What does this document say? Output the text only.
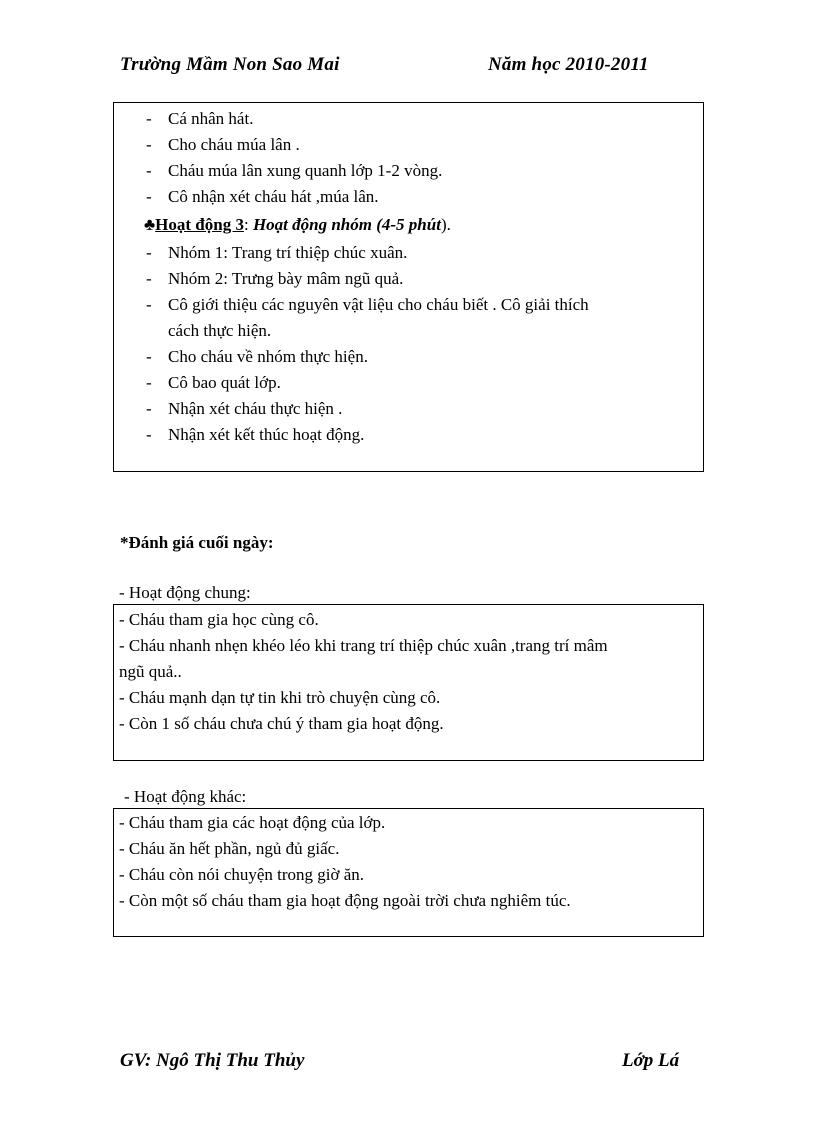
Trường Mầm Non Sao Mai	Năm học 2010-2011
- Cá nhân hát.
- Cho cháu múa lân .
- Cháu múa lân xung quanh lớp 1-2 vòng.
- Cô nhận xét cháu hát ,múa lân.
♣Hoạt động 3: Hoạt động nhóm (4-5 phút).
- Nhóm 1: Trang trí thiệp chúc xuân.
- Nhóm 2: Trưng bày mâm ngũ quả.
- Cô giới thiệu các nguyên vật liệu cho cháu biết . Cô giải thích
cách thực hiện.
- Cho cháu về nhóm thực hiện.
- Cô bao quát lớp.
- Nhận xét cháu thực hiện .
- Nhận xét kết thúc hoạt động.
*Đánh giá cuối ngày:
- Hoạt động chung:
- Cháu tham gia học cùng cô.
- Cháu nhanh nhẹn khéo léo khi trang trí thiệp chúc xuân ,trang trí mâm
ngũ quả..
- Cháu mạnh dạn tự tin khi trò chuyện cùng cô.
- Còn 1 số cháu chưa chú ý tham gia hoạt động.
- Hoạt động khác:
- Cháu tham gia các hoạt động của lớp.
- Cháu ăn hết phần, ngủ đủ giấc.
- Cháu còn nói chuyện trong giờ ăn.
- Còn một số cháu tham gia hoạt động ngoài trời chưa nghiêm túc.
GV: Ngô Thị Thu Thủy	Lớp Lá
